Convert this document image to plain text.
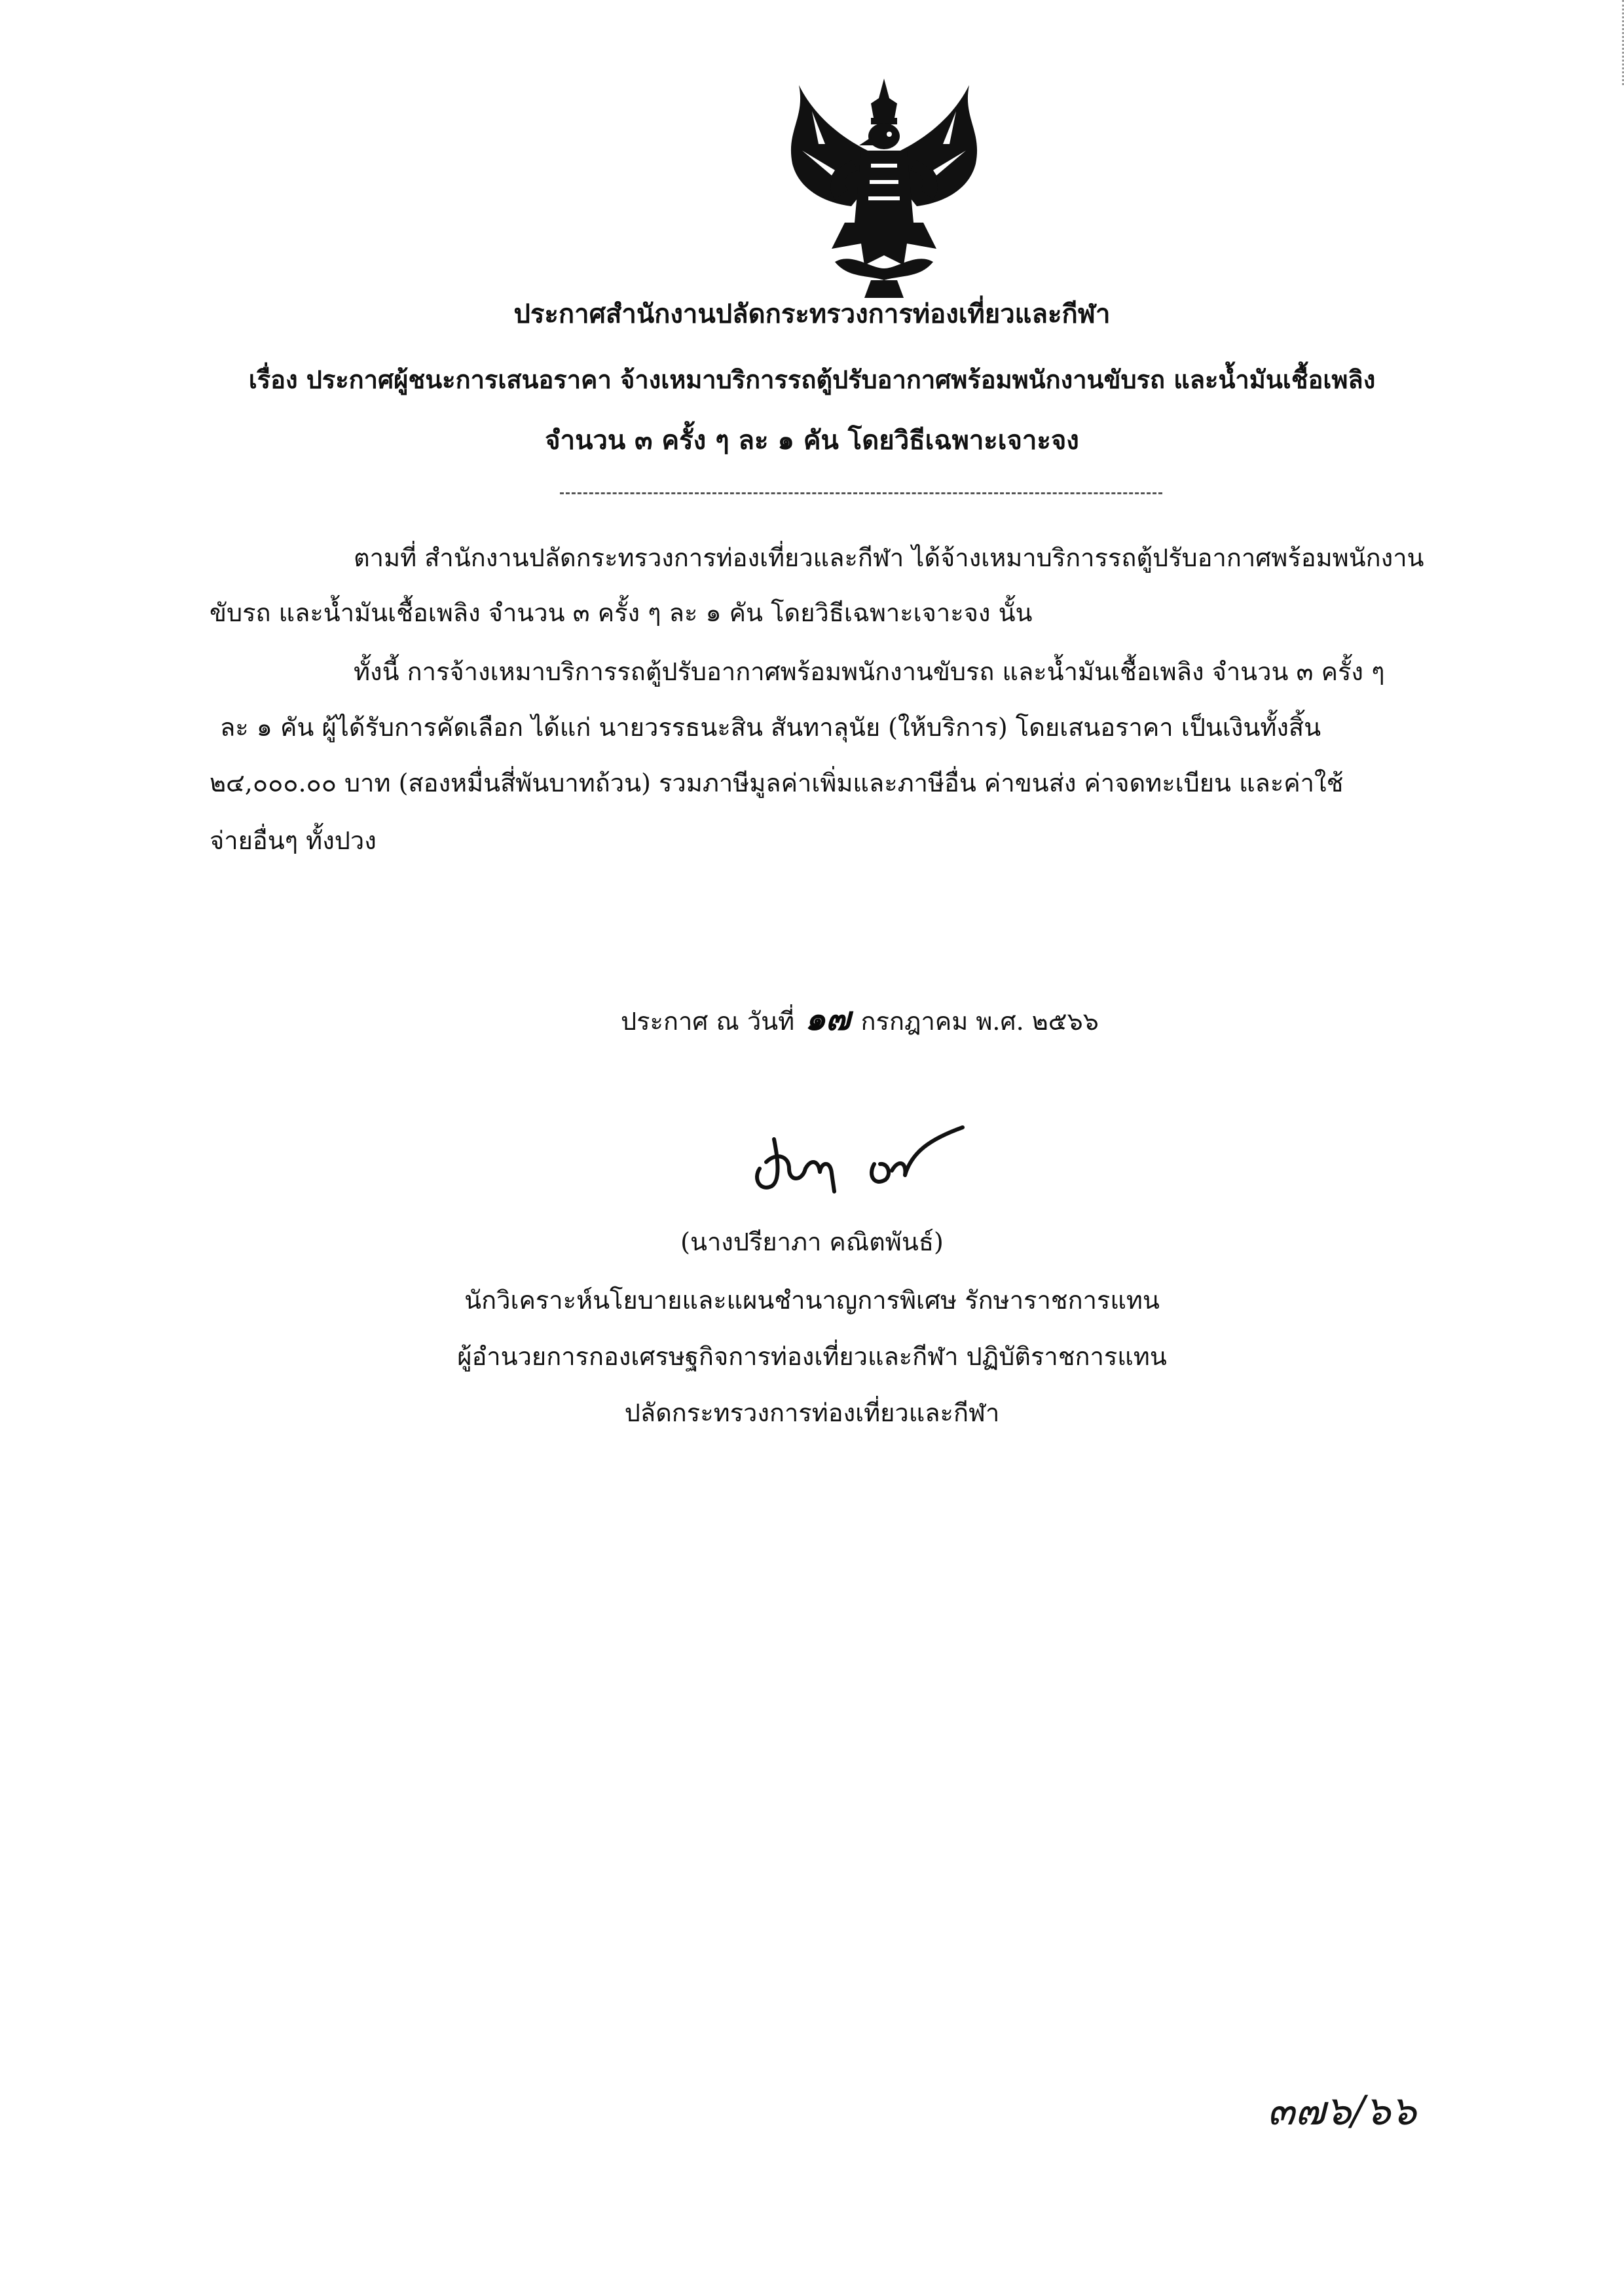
ประกาศสำนักงานปลัดกระทรวงการท่องเที่ยวและกีฬา
เรื่อง ประกาศผู้ชนะการเสนอราคา จ้างเหมาบริการรถตู้ปรับอากาศพร้อมพนักงานขับรถ และน้ำมันเชื้อเพลิง
จำนวน ๓ ครั้ง ๆ ละ ๑ คัน โดยวิธีเฉพาะเจาะจง
ตามที่ สำนักงานปลัดกระทรวงการท่องเที่ยวและกีฬา ได้จ้างเหมาบริการรถตู้ปรับอากาศพร้อมพนักงาน
ขับรถ และน้ำมันเชื้อเพลิง จำนวน ๓ ครั้ง ๆ ละ ๑ คัน โดยวิธีเฉพาะเจาะจง นั้น
ทั้งนี้ การจ้างเหมาบริการรถตู้ปรับอากาศพร้อมพนักงานขับรถ และน้ำมันเชื้อเพลิง จำนวน ๓ ครั้ง ๆ
ละ ๑ คัน ผู้ได้รับการคัดเลือก ได้แก่ นายวรรธนะสิน สันทาลุนัย (ให้บริการ) โดยเสนอราคา เป็นเงินทั้งสิ้น
๒๔,๐๐๐.๐๐ บาท (สองหมื่นสี่พันบาทถ้วน) รวมภาษีมูลค่าเพิ่มและภาษีอื่น ค่าขนส่ง ค่าจดทะเบียน และค่าใช้
จ่ายอื่นๆ ทั้งปวง
ประกาศ ณ วันที่ ๑๗ กรกฎาคม พ.ศ. ๒๕๖๖
(นางปรียาภา คณิตพันธ์)
นักวิเคราะห์นโยบายและแผนชำนาญการพิเศษ รักษาราชการแทน
ผู้อำนวยการกองเศรษฐกิจการท่องเที่ยวและกีฬา ปฏิบัติราชการแทน
ปลัดกระทรวงการท่องเที่ยวและกีฬา
๓๗๖/๖๖
